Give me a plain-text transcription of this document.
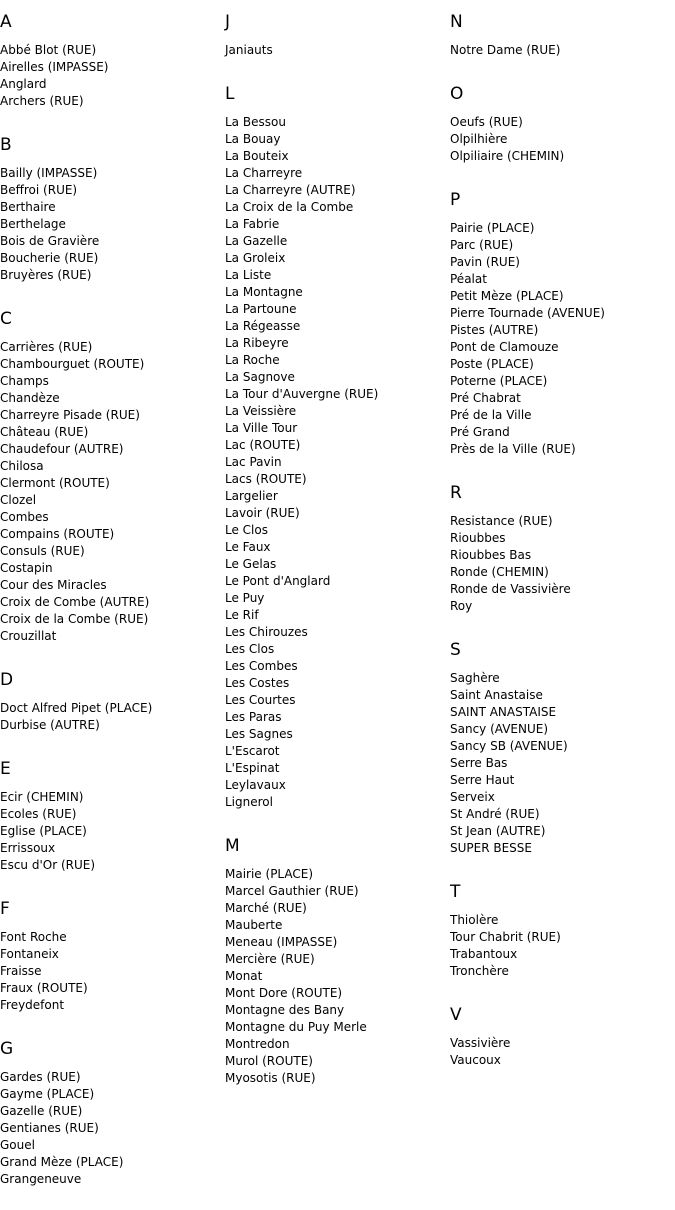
A
Abbé Blot (RUE)
Airelles (IMPASSE)
Anglard
Archers (RUE)
B
Bailly (IMPASSE)
Beffroi (RUE)
Berthaire
Berthelage
Bois de Gravière
Boucherie (RUE)
Bruyères (RUE)
C
Carrières (RUE)
Chambourguet (ROUTE)
Champs
Chandèze
Charreyre Pisade (RUE)
Château (RUE)
Chaudefour (AUTRE)
Chilosa
Clermont (ROUTE)
Clozel
Combes
Compains (ROUTE)
Consuls (RUE)
Costapin
Cour des Miracles
Croix de Combe (AUTRE)
Croix de la Combe (RUE)
Crouzillat
D
Doct Alfred Pipet (PLACE)
Durbise (AUTRE)
E
Ecir (CHEMIN)
Ecoles (RUE)
Eglise (PLACE)
Errissoux
Escu d'Or (RUE)
F
Font Roche
Fontaneix
Fraisse
Fraux (ROUTE)
Freydefont
G
Gardes (RUE)
Gayme (PLACE)
Gazelle (RUE)
Gentianes (RUE)
Gouel
Grand Mèze (PLACE)
Grangeneuve
J
Janiauts
L
La Bessou
La Bouay
La Bouteix
La Charreyre
La Charreyre (AUTRE)
La Croix de la Combe
La Fabrie
La Gazelle
La Groleix
La Liste
La Montagne
La Partoune
La Régeasse
La Ribeyre
La Roche
La Sagnove
La Tour d'Auvergne (RUE)
La Veissière
La Ville Tour
Lac (ROUTE)
Lac Pavin
Lacs (ROUTE)
Largelier
Lavoir (RUE)
Le Clos
Le Faux
Le Gelas
Le Pont d'Anglard
Le Puy
Le Rif
Les Chirouzes
Les Clos
Les Combes
Les Costes
Les Courtes
Les Paras
Les Sagnes
L'Escarot
L'Espinat
Leylavaux
Lignerol
M
Mairie (PLACE)
Marcel Gauthier (RUE)
Marché (RUE)
Mauberte
Meneau (IMPASSE)
Mercière (RUE)
Monat
Mont Dore (ROUTE)
Montagne des Bany
Montagne du Puy Merle
Montredon
Murol (ROUTE)
Myosotis (RUE)
N
Notre Dame (RUE)
O
Oeufs (RUE)
Olpilhière
Olpiliaire (CHEMIN)
P
Pairie (PLACE)
Parc (RUE)
Pavin (RUE)
Péalat
Petit Mèze (PLACE)
Pierre Tournade (AVENUE)
Pistes (AUTRE)
Pont de Clamouze
Poste (PLACE)
Poterne (PLACE)
Pré Chabrat
Pré de la Ville
Pré Grand
Près de la Ville (RUE)
R
Resistance (RUE)
Rioubbes
Rioubbes Bas
Ronde (CHEMIN)
Ronde de Vassivière
Roy
S
Saghère
Saint Anastaise
SAINT ANASTAISE
Sancy (AVENUE)
Sancy SB (AVENUE)
Serre Bas
Serre Haut
Serveix
St André (RUE)
St Jean (AUTRE)
SUPER BESSE
T
Thiolère
Tour Chabrit (RUE)
Trabantoux
Tronchère
V
Vassivière
Vaucoux
